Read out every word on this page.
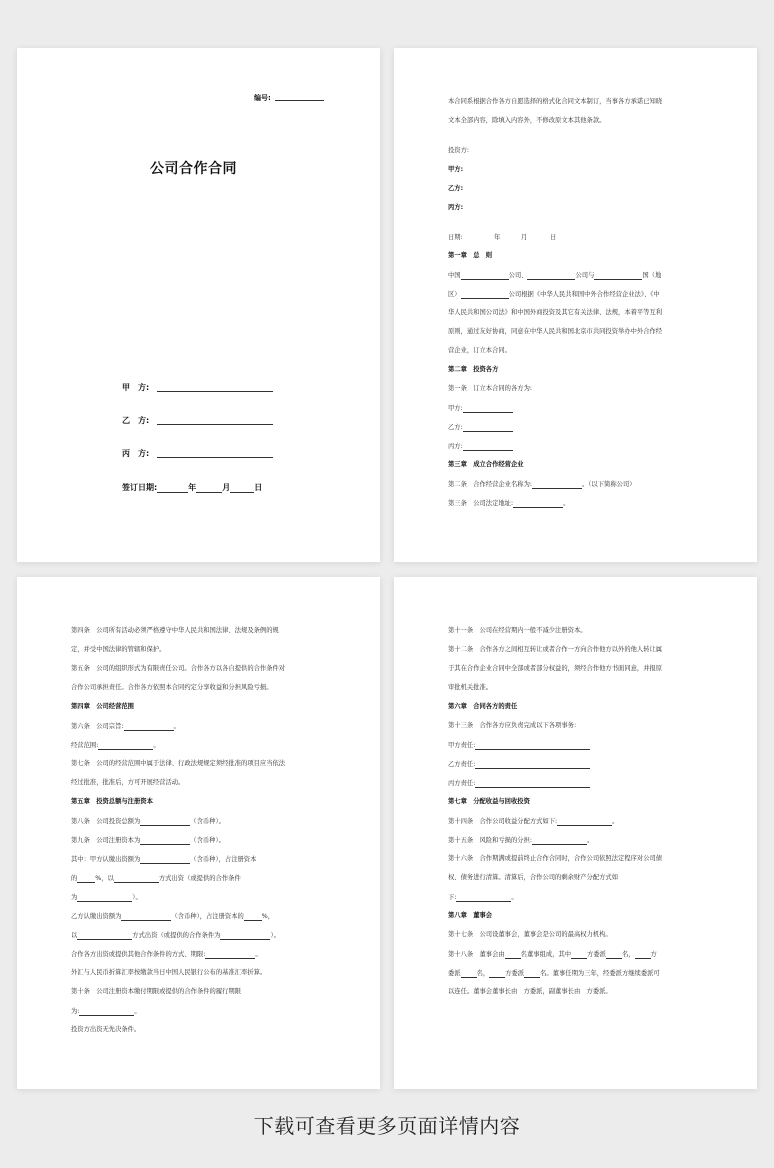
编号:
公司合作合同
甲　方:
乙　方:
丙　方:
签订日期:	年	月	日
本合同系根据合作各方自愿选择的格式化合同文本制订，当事各方承诺已知晓
文本全部内容，除填入内容外，不修改原文本其他条款。
投资方:
甲方:
乙方:
丙方:
日期:	年	月	日
第一章　总　则
中国	公司、	公司与	国（地
区）	公司根据《中华人民共和国中外合作经营企业法》、《中
华人民共和国公司法》和中国外商投资及其它有关法律、法规，本着平等互利
原则，通过友好协商，同意在中华人民共和国北京市共同投资举办中外合作经
营企业，订立本合同。
第二章　投资各方
第一条　订立本合同的各方为:
甲方:
乙方:
丙方:
第三章　成立合作经营企业
第二条　合作经营企业名称为:	。（以下简称公司）
第三条　公司法定地址:	。
第四条　公司所有活动必须严格遵守中华人民共和国法律、法规及条例的规
定，并受中国法律的管辖和保护。
第五条　公司的组织形式为有限责任公司。合作各方以各自提供的合作条件对
合作公司承担责任。合作各方依照本合同约定分享收益和分担风险亏损。
第四章　公司经营范围
第六条　公司宗旨:	。
经营范围:	。
第七条　公司的经营范围中属于法律、行政法规规定须经批准的项目应当依法
经过批准，批准后，方可开展经营活动。
第五章　投资总额与注册资本
第八条　公司投资总额为	（含币种）。
第九条　公司注册资本为	（含币种）。
其中：甲方认缴出资额为	（含币种），占注册资本
的	%，以	方式出资（或提供的合作条件
为	）。
乙方认缴出资额为	（含币种），占注册资本的	%，
以	方式出资（或提供的合作条件为	）。
合作各方出资或提供其他合作条件的方式、期限:	。
外汇与人民币折算汇率按缴款当日中国人民银行公布的基准汇率折算。
第十条　公司注册资本缴付期限或提供的合作条件的履行期限
为:	。
投资方出资无先决条件。
第十一条　公司在经营期内一般不减少注册资本。
第十二条　合作各方之间相互转让或者合作一方向合作他方以外的他人转让属
于其在合作企业合同中全部或者部分权益的，须经合作他方书面同意，并报原
审批机关批准。
第六章　合同各方的责任
第十三条　合作各方应负责完成以下各项事务:
甲方责任:
乙方责任:
丙方责任:
第七章　分配收益与回收投资
第十四条　合作公司收益分配方式如下:	。
第十五条　风险和亏损的分担:	。
第十六条　合作期满或提前终止合作合同时，合作公司依照法定程序对公司债
权、债务进行清算。清算后，合作公司的剩余财产分配方式如
下:	。
第八章　董事会
第十七条　公司设董事会，董事会是公司的最高权力机构。
第十八条　董事会由	名董事组成，其中	方委派	名，	方
委派	名，	方委派	名。董事任期为三年，经委派方继续委派可
以连任。董事会董事长由　方委派，副董事长由　方委派。
下载可查看更多页面详情内容
